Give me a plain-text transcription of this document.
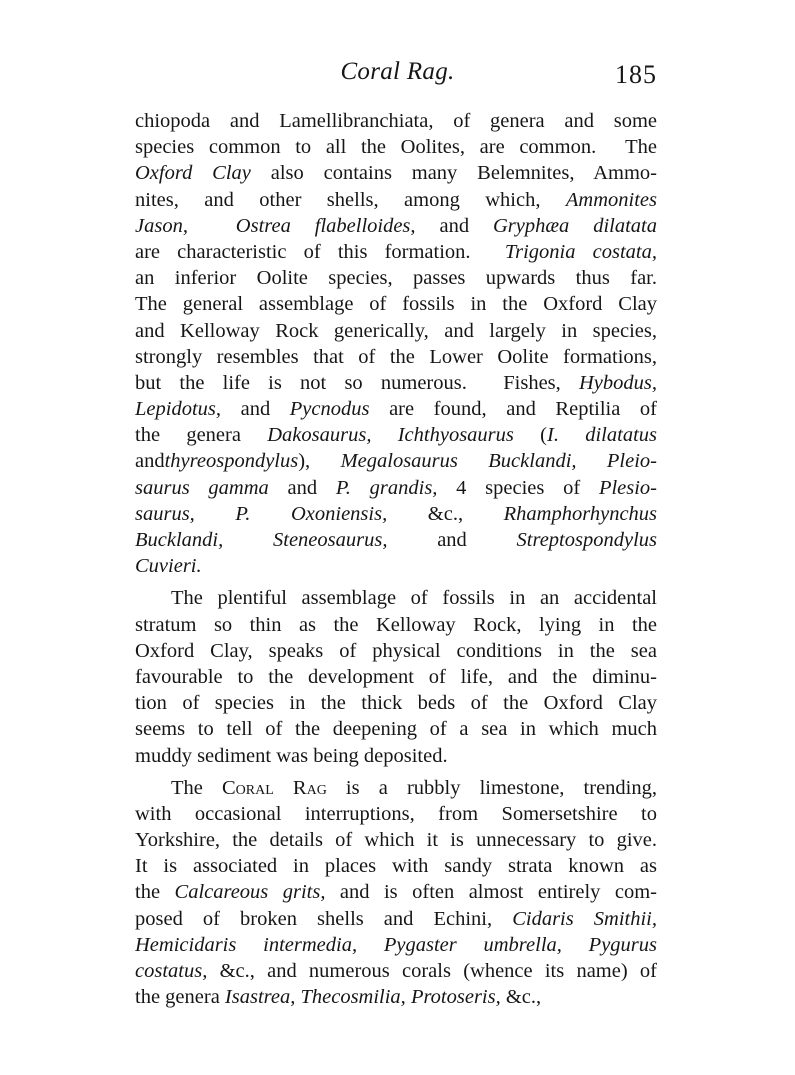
Coral Rag.	185
chiopoda and Lamellibranchiata, of genera and some
species common to all the Oolites, are common.  The
Oxford Clay also contains many Belemnites, Ammo-
nites, and other shells, among which, Ammonites
Jason, Ostrea flabelloides, and Gryphæa dilatata
are characteristic of this formation.  Trigonia costata,
an inferior Oolite species, passes upwards thus far.
The general assemblage of fossils in the Oxford Clay
and Kelloway Rock generically, and largely in species,
strongly resembles that of the Lower Oolite formations,
but the life is not so numerous.  Fishes, Hybodus,
Lepidotus, and Pycnodus are found, and Reptilia of
the genera Dakosaurus, Ichthyosaurus (I. dilatatus
andthyreospondylus), Megalosaurus Bucklandi, Pleio-
saurus gamma and P. grandis, 4 species of Plesio-
saurus, P. Oxoniensis,  &c.,  Rhamphorhynchus
Bucklandi, Steneosaurus,  and  Streptospondylus
Cuvieri.
The plentiful assemblage of fossils in an accidental
stratum so thin as the Kelloway Rock, lying in the
Oxford Clay, speaks of physical conditions in the sea
favourable to the development of life, and the diminu-
tion of species in the thick beds of the Oxford Clay
seems to tell of the deepening of a sea in which much
muddy sediment was being deposited.
The Coral Rag is a rubbly limestone, trending,
with occasional interruptions, from Somersetshire to
Yorkshire, the details of which it is unnecessary to give.
It is associated in places with sandy strata known as
the Calcareous grits, and is often almost entirely com-
posed of broken shells and Echini, Cidaris Smithii,
Hemicidaris intermedia, Pygaster umbrella, Pygurus
costatus, &c., and numerous corals (whence its name) of
the genera Isastrea, Thecosmilia, Protoseris, &c.,
